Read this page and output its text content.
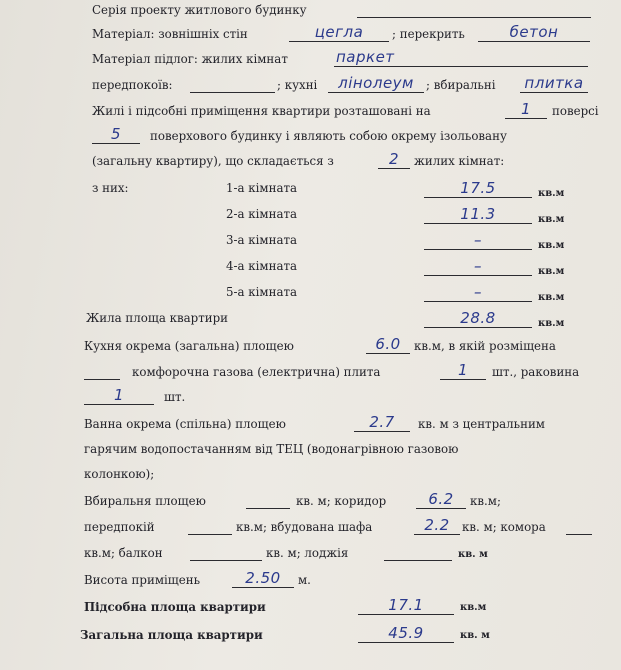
Серія проекту житлового будинку
Матеріал: зовнішніх стін	цегла	; перекрить	бетон
Матеріал підлог: жилих кімнат	паркет
передпокоїв:	; кухні	лінолеум	; вбиральні плитка
Жилі і підсобні приміщення квартири розташовані на	1	поверсі
5	поверхового будинку і являють собою окрему ізольовану
(загальну квартиру), що складається з	2	жилих кімнат:
з них:	1-а кімната	17.5	кв.м
2-а кімната	11.3	кв.м
3-а кімната	–	кв.м
4-а кімната	–	кв.м
5-а кімната	–	кв.м
Жила площа квартири	28.8	кв.м
Кухня окрема (загальна) площею	6.0	кв.м, в якій розміщена
комфорочна газова (електрична) плита	1	шт., раковина
1	шт.
Ванна окрема (спільна) площею	2.7	кв. м з центральним
гарячим водопостачанням від ТЕЦ (водонагрівною газовою
колонкою);
Вбиральня площею	кв. м; коридор	6.2	кв.м;
передпокій	кв.м; вбудована шафа	2.2	кв. м; комора
кв.м; балкон	кв. м; лоджія	кв. м
Висота приміщень	2.50	м.
Підсобна площа квартири	17.1	кв.м
Загальна площа квартири	45.9	кв. м
